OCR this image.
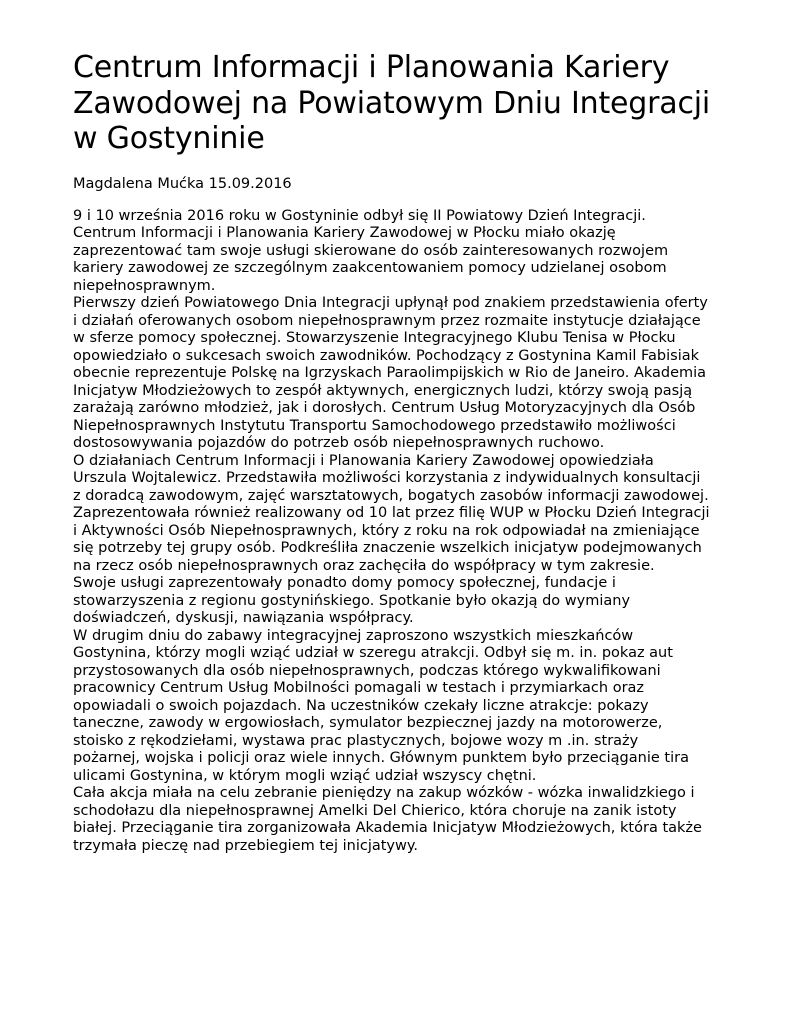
Centrum Informacji i Planowania Kariery
Zawodowej na Powiatowym Dniu Integracji
w Gostyninie
Magdalena Mućka 15.09.2016
9 i 10 września 2016 roku w Gostyninie odbył się II Powiatowy Dzień Integracji.
Centrum Informacji i Planowania Kariery Zawodowej w Płocku miało okazję
zaprezentować tam swoje usługi skierowane do osób zainteresowanych rozwojem
kariery zawodowej ze szczególnym zaakcentowaniem pomocy udzielanej osobom
niepełnosprawnym.
Pierwszy dzień Powiatowego Dnia Integracji upłynął pod znakiem przedstawienia oferty
i działań oferowanych osobom niepełnosprawnym przez rozmaite instytucje działające
w sferze pomocy społecznej. Stowarzyszenie Integracyjnego Klubu Tenisa w Płocku
opowiedziało o sukcesach swoich zawodników. Pochodzący z Gostynina Kamil Fabisiak
obecnie reprezentuje Polskę na Igrzyskach Paraolimpijskich w Rio de Janeiro. Akademia
Inicjatyw Młodzieżowych to zespół aktywnych, energicznych ludzi, którzy swoją pasją
zarażają zarówno młodzież, jak i dorosłych. Centrum Usług Motoryzacyjnych dla Osób
Niepełnosprawnych Instytutu Transportu Samochodowego przedstawiło możliwości
dostosowywania pojazdów do potrzeb osób niepełnosprawnych ruchowo.
O działaniach Centrum Informacji i Planowania Kariery Zawodowej opowiedziała
Urszula Wojtalewicz. Przedstawiła możliwości korzystania z indywidualnych konsultacji
z doradcą zawodowym, zajęć warsztatowych, bogatych zasobów informacji zawodowej.
Zaprezentowała również realizowany od 10 lat przez filię WUP w Płocku Dzień Integracji
i Aktywności Osób Niepełnosprawnych, który z roku na rok odpowiadał na zmieniające
się potrzeby tej grupy osób. Podkreśliła znaczenie wszelkich inicjatyw podejmowanych
na rzecz osób niepełnosprawnych oraz zachęciła do współpracy w tym zakresie.
Swoje usługi zaprezentowały ponadto domy pomocy społecznej, fundacje i
stowarzyszenia z regionu gostynińskiego. Spotkanie było okazją do wymiany
doświadczeń, dyskusji, nawiązania współpracy.
W drugim dniu do zabawy integracyjnej zaproszono wszystkich mieszkańców
Gostynina, którzy mogli wziąć udział w szeregu atrakcji. Odbył się m. in. pokaz aut
przystosowanych dla osób niepełnosprawnych, podczas którego wykwalifikowani
pracownicy Centrum Usług Mobilności pomagali w testach i przymiarkach oraz
opowiadali o swoich pojazdach. Na uczestników czekały liczne atrakcje: pokazy
taneczne, zawody w ergowiosłach, symulator bezpiecznej jazdy na motorowerze,
stoisko z rękodziełami, wystawa prac plastycznych, bojowe wozy m .in. straży
pożarnej, wojska i policji oraz wiele innych. Głównym punktem było przeciąganie tira
ulicami Gostynina, w którym mogli wziąć udział wszyscy chętni.
Cała akcja miała na celu zebranie pieniędzy na zakup wózków - wózka inwalidzkiego i
schodołazu dla niepełnosprawnej Amelki Del Chierico, która choruje na zanik istoty
białej. Przeciąganie tira zorganizowała Akademia Inicjatyw Młodzieżowych, która także
trzymała pieczę nad przebiegiem tej inicjatywy.
